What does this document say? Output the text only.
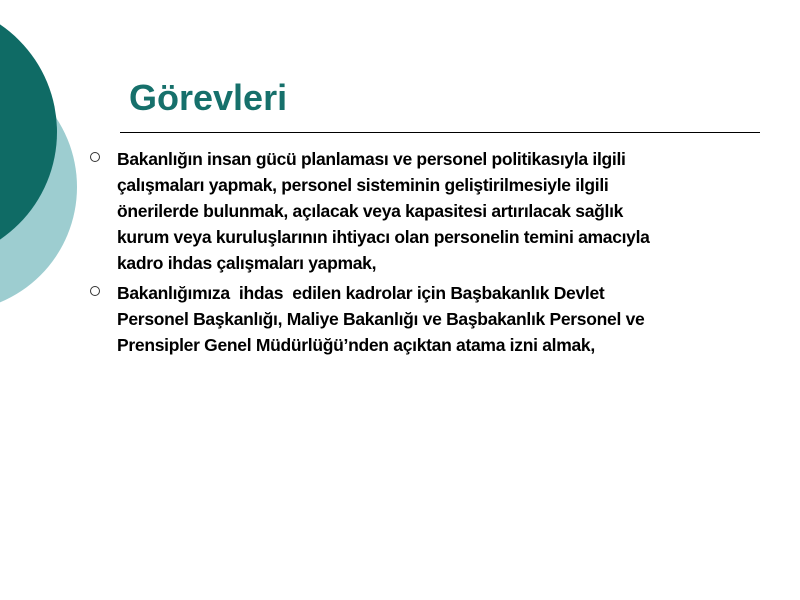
Görevleri
Bakanlığın insan gücü planlaması ve personel politikasıyla ilgili
çalışmaları yapmak, personel sisteminin geliştirilmesiyle ilgili
önerilerde bulunmak, açılacak veya kapasitesi artırılacak sağlık
kurum veya kuruluşlarının ihtiyacı olan personelin temini amacıyla
kadro ihdas çalışmaları yapmak,
Bakanlığımıza  ihdas  edilen kadrolar için Başbakanlık Devlet
Personel Başkanlığı, Maliye Bakanlığı ve Başbakanlık Personel ve
Prensipler Genel Müdürlüğü’nden açıktan atama izni almak,
